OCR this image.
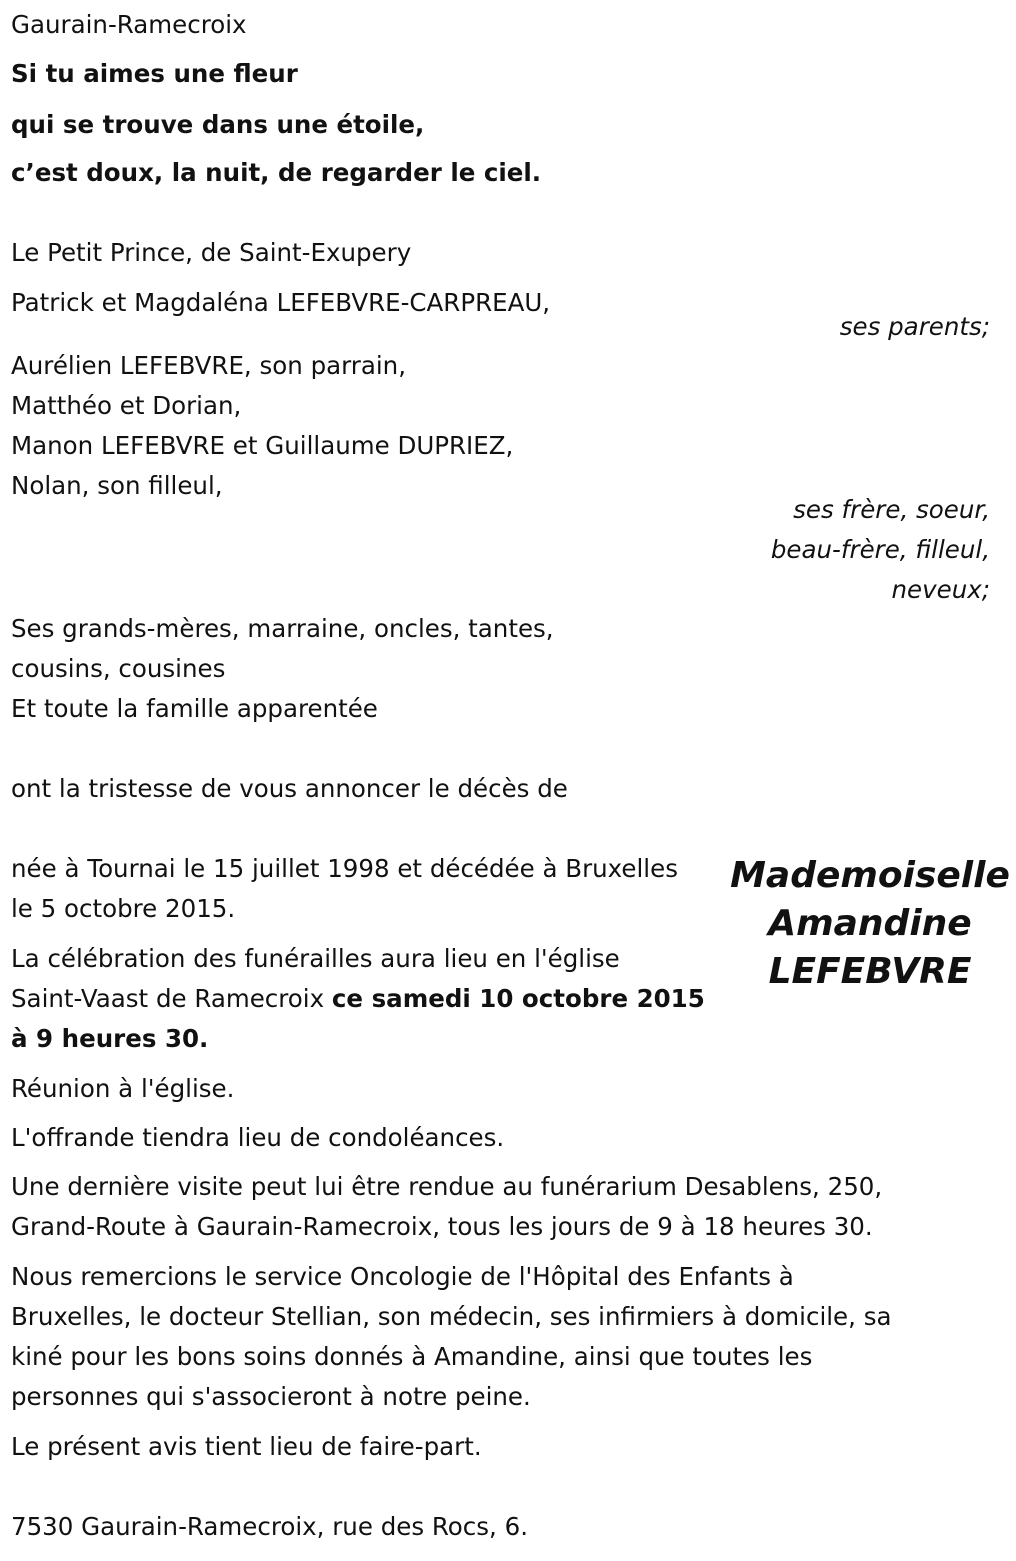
Gaurain-Ramecroix
Si tu aimes une fleur
qui se trouve dans une étoile,
c’est doux, la nuit, de regarder le ciel.
Le Petit Prince, de Saint-Exupery
Patrick et Magdaléna LEFEBVRE-CARPREAU,
ses parents;
Aurélien LEFEBVRE, son parrain,
Matthéo et Dorian,
Manon LEFEBVRE et Guillaume DUPRIEZ,
Nolan, son filleul,
ses frère, soeur,
beau-frère, filleul,
neveux;
Ses grands-mères, marraine, oncles, tantes,
cousins, cousines
Et toute la famille apparentée
ont la tristesse de vous annoncer le décès de
Mademoiselle
Amandine
LEFEBVRE
née à Tournai le 15 juillet 1998 et décédée à Bruxelles
le 5 octobre 2015.
La célébration des funérailles aura lieu en l'église
Saint-Vaast de Ramecroix ce samedi 10 octobre 2015
à 9 heures 30.
Réunion à l'église.
L'offrande tiendra lieu de condoléances.
Une dernière visite peut lui être rendue au funérarium Desablens, 250,
Grand-Route à Gaurain-Ramecroix, tous les jours de 9 à 18 heures 30.
Nous remercions le service Oncologie de l'Hôpital des Enfants à
Bruxelles, le docteur Stellian, son médecin, ses infirmiers à domicile, sa
kiné pour les bons soins donnés à Amandine, ainsi que toutes les
personnes qui s'associeront à notre peine.
Le présent avis tient lieu de faire-part.
7530 Gaurain-Ramecroix, rue des Rocs, 6.
